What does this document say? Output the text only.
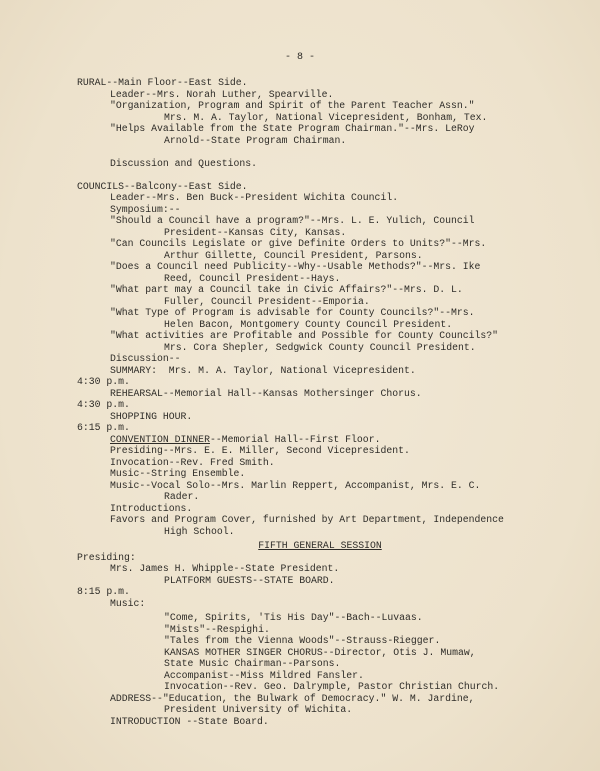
- 8 -
RURAL--Main Floor--East Side.
Leader--Mrs. Norah Luther, Spearville.
"Organization, Program and Spirit of the Parent Teacher Assn."
Mrs. M. A. Taylor, National Vicepresident, Bonham, Tex.
"Helps Available from the State Program Chairman."--Mrs. LeRoy
Arnold--State Program Chairman.
Discussion and Questions.
COUNCILS--Balcony--East Side.
Leader--Mrs. Ben Buck--President Wichita Council.
Symposium:--
"Should a Council have a program?"--Mrs. L. E. Yulich, Council
President--Kansas City, Kansas.
"Can Councils Legislate or give Definite Orders to Units?"--Mrs.
Arthur Gillette, Council President, Parsons.
"Does a Council need Publicity--Why--Usable Methods?"--Mrs. Ike
Reed, Council President--Hays.
"What part may a Council take in Civic Affairs?"--Mrs. D. L.
Fuller, Council President--Emporia.
"What Type of Program is advisable for County Councils?"--Mrs.
Helen Bacon, Montgomery County Council President.
"What activities are Profitable and Possible for County Councils?"
Mrs. Cora Shepler, Sedgwick County Council President.
Discussion--
SUMMARY:  Mrs. M. A. Taylor, National Vicepresident.
4:30 p.m.
REHEARSAL--Memorial Hall--Kansas Mothersinger Chorus.
4:30 p.m.
SHOPPING HOUR.
6:15 p.m.
CONVENTION DINNER--Memorial Hall--First Floor.
Presiding--Mrs. E. E. Miller, Second Vicepresident.
Invocation--Rev. Fred Smith.
Music--String Ensemble.
Music--Vocal Solo--Mrs. Marlin Reppert, Accompanist, Mrs. E. C.
Rader.
Introductions.
Favors and Program Cover, furnished by Art Department, Independence
High School.
FIFTH GENERAL SESSION
Presiding:
Mrs. James H. Whipple--State President.
PLATFORM GUESTS--STATE BOARD.
8:15 p.m.
Music:
"Come, Spirits, 'Tis His Day"--Bach--Luvaas.
"Mists"--Respighi.
"Tales from the Vienna Woods"--Strauss-Riegger.
KANSAS MOTHER SINGER CHORUS--Director, Otis J. Mumaw,
State Music Chairman--Parsons.
Accompanist--Miss Mildred Fansler.
Invocation--Rev. Geo. Dalrymple, Pastor Christian Church.
ADDRESS--"Education, the Bulwark of Democracy." W. M. Jardine,
President University of Wichita.
INTRODUCTION --State Board.
